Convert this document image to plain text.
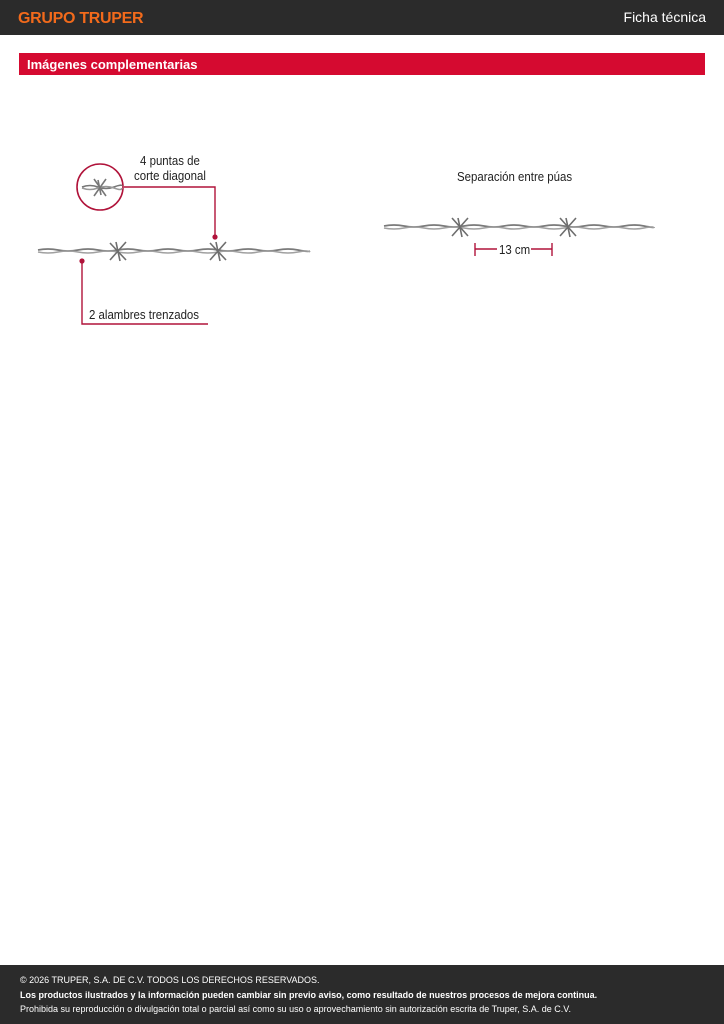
GRUPO TRUPER	Ficha técnica
Imágenes complementarias
4 puntas de
corte diagonal
2 alambres trenzados
Separación entre púas
13 cm

© 2026 TRUPER, S.A. DE C.V. TODOS LOS DERECHOS RESERVADOS.

Los productos ilustrados y la información pueden cambiar sin previo aviso, como resultado de nuestros procesos de mejora continua.

Prohibida su reproducción o divulgación total o parcial así como su uso o aprovechamiento sin autorización escrita de Truper, S.A. de C.V.
